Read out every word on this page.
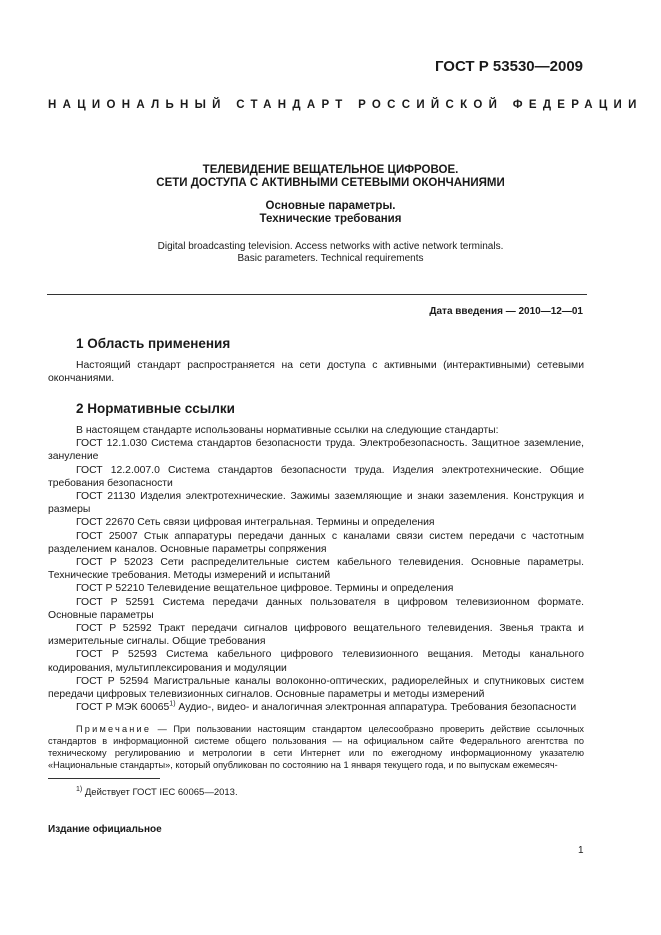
ГОСТ Р 53530—2009
НАЦИОНАЛЬНЫЙ СТАНДАРТ РОССИЙСКОЙ ФЕДЕРАЦИИ
ТЕЛЕВИДЕНИЕ ВЕЩАТЕЛЬНОЕ ЦИФРОВОЕ.
СЕТИ ДОСТУПА С АКТИВНЫМИ СЕТЕВЫМИ ОКОНЧАНИЯМИ
Основные параметры.
Технические требования
Digital broadcasting television. Access networks with active network terminals.
Basic parameters. Technical requirements
Дата введения — 2010—12—01
1 Область применения

Настоящий стандарт распространяется на сети доступа с активными (интерактивными) сетевыми окончаниями.

2 Нормативные ссылки

В настоящем стандарте использованы нормативные ссылки на следующие стандарты:

ГОСТ 12.1.030 Система стандартов безопасности труда. Электробезопасность. Защитное заземление, зануление

ГОСТ 12.2.007.0 Система стандартов безопасности труда. Изделия электротехнические. Общие требования безопасности

ГОСТ 21130 Изделия электротехнические. Зажимы заземляющие и знаки заземления. Конструкция и размеры

ГОСТ 22670 Сеть связи цифровая интегральная. Термины и определения

ГОСТ 25007 Стык аппаратуры передачи данных с каналами связи систем передачи с частотным разделением каналов. Основные параметры сопряжения

ГОСТ Р 52023 Сети распределительные систем кабельного телевидения. Основные параметры. Технические требования. Методы измерений и испытаний

ГОСТ Р 52210 Телевидение вещательное цифровое. Термины и определения

ГОСТ Р 52591 Система передачи данных пользователя в цифровом телевизионном формате. Основные параметры

ГОСТ Р 52592 Тракт передачи сигналов цифрового вещательного телевидения. Звенья тракта и измерительные сигналы. Общие требования

ГОСТ Р 52593 Система кабельного цифрового телевизионного вещания. Методы канального кодирования, мультиплексирования и модуляции

ГОСТ Р 52594 Магистральные каналы волоконно-оптических, радиорелейных и спутниковых систем передачи цифровых телевизионных сигналов. Основные параметры и методы измерений

ГОСТ Р МЭК 60065$^{1)}$ Аудио-, видео- и аналогичная электронная аппаратура. Требования безопасности

Примечание — При пользовании настоящим стандартом целесообразно проверить действие ссылочных стандартов в информационной системе общего пользования — на официальном сайте Федерального агентства по техническому регулированию и метрологии в сети Интернет или по ежегодному информационному указателю «Национальные стандарты», который опубликован по состоянию на 1 января текущего года, и по выпускам ежемесяч-

$^{1)}$ Действует ГОСТ IEC 60065—2013.
Издание официальное
1
